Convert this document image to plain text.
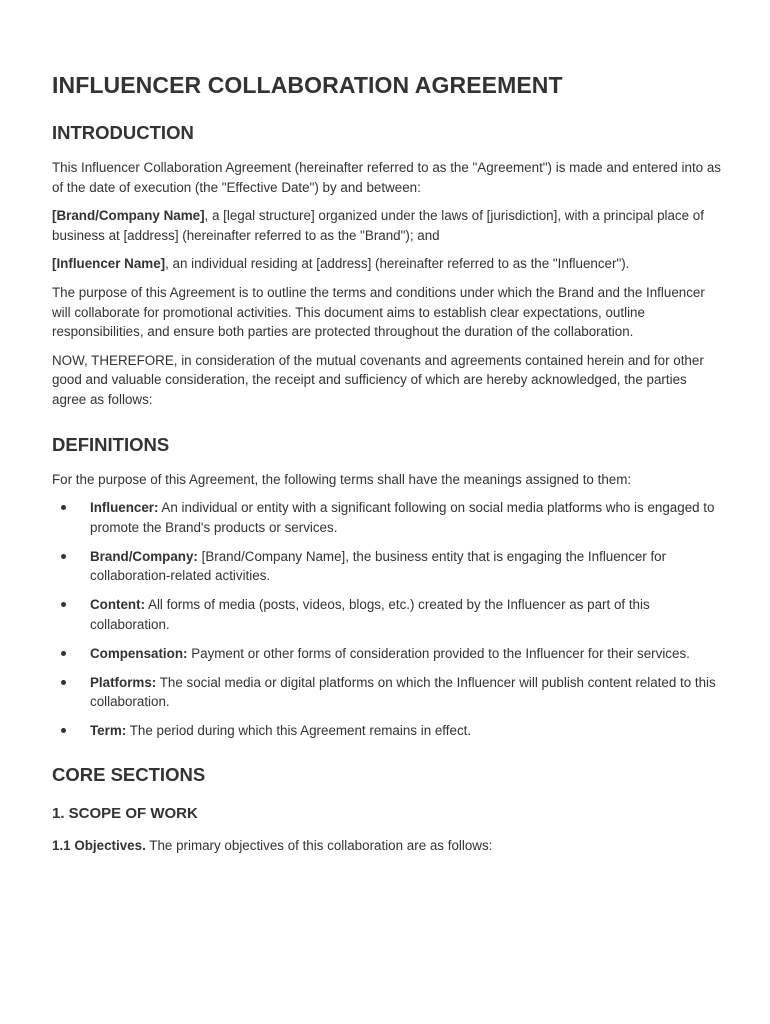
INFLUENCER COLLABORATION AGREEMENT
INTRODUCTION

This Influencer Collaboration Agreement (hereinafter referred to as the "Agreement") is made and entered into as of the date of execution (the "Effective Date") by and between:

[Brand/Company Name], a [legal structure] organized under the laws of [jurisdiction], with a principal place of business at [address] (hereinafter referred to as the "Brand"); and

[Influencer Name], an individual residing at [address] (hereinafter referred to as the "Influencer").

The purpose of this Agreement is to outline the terms and conditions under which the Brand and the Influencer will collaborate for promotional activities. This document aims to establish clear expectations, outline responsibilities, and ensure both parties are protected throughout the duration of the collaboration.

NOW, THEREFORE, in consideration of the mutual covenants and agreements contained herein and for other good and valuable consideration, the receipt and sufficiency of which are hereby acknowledged, the parties agree as follows:

DEFINITIONS

For the purpose of this Agreement, the following terms shall have the meanings assigned to them:

Influencer: An individual or entity with a significant following on social media platforms who is engaged to promote the Brand's products or services.
Brand/Company: [Brand/Company Name], the business entity that is engaging the Influencer for collaboration-related activities.
Content: All forms of media (posts, videos, blogs, etc.) created by the Influencer as part of this collaboration.
Compensation: Payment or other forms of consideration provided to the Influencer for their services.
Platforms: The social media or digital platforms on which the Influencer will publish content related to this collaboration.
Term: The period during which this Agreement remains in effect.
CORE SECTIONS
1. SCOPE OF WORK

1.1 Objectives. The primary objectives of this collaboration are as follows:
